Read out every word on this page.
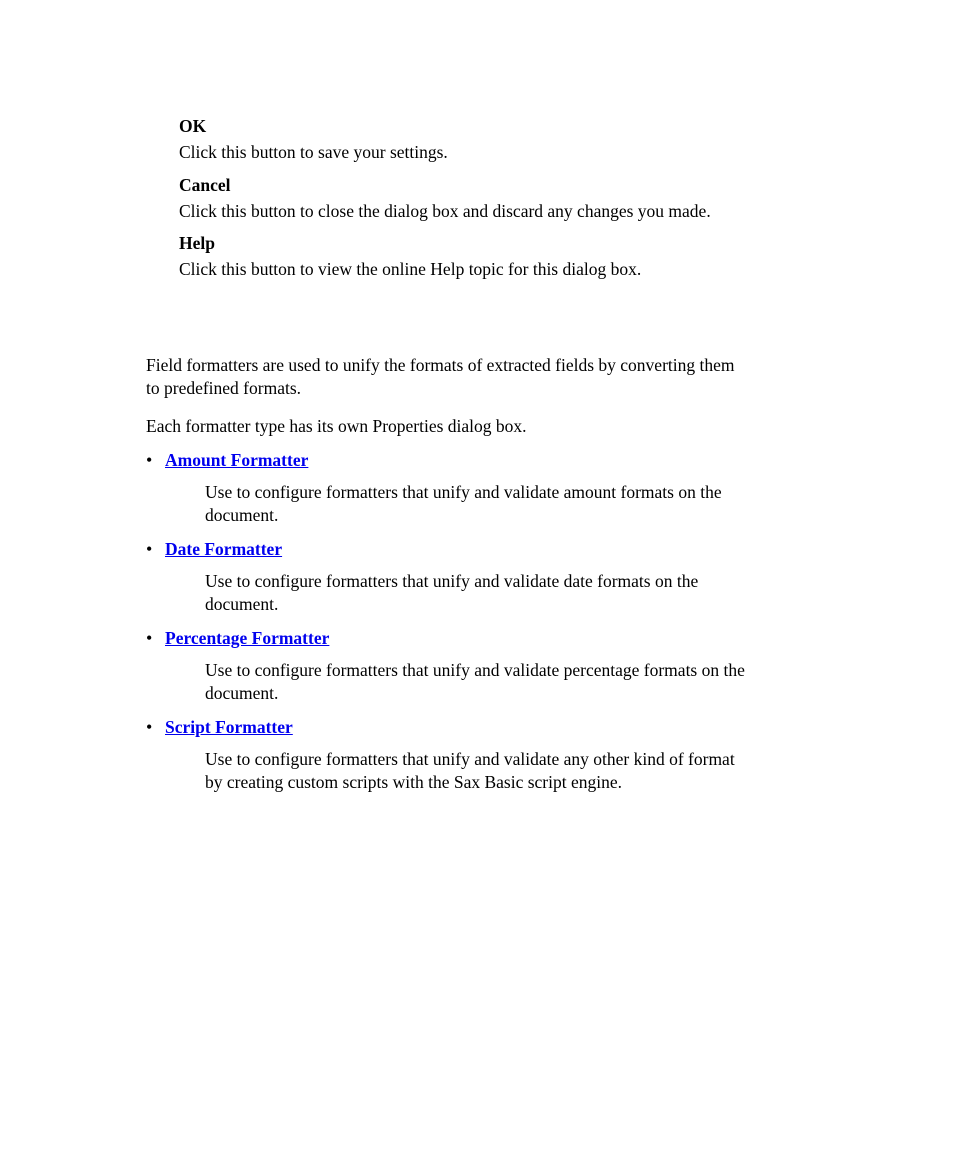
OK
Click this button to save your settings.
Cancel
Click this button to close the dialog box and discard any changes you made.
Help
Click this button to view the online Help topic for this dialog box.
Field formatters are used to unify the formats of extracted fields by converting them
to predefined formats.
Each formatter type has its own Properties dialog box.
• Amount Formatter
Use to configure formatters that unify and validate amount formats on the
document.
• Date Formatter
Use to configure formatters that unify and validate date formats on the
document.
• Percentage Formatter
Use to configure formatters that unify and validate percentage formats on the
document.
• Script Formatter
Use to configure formatters that unify and validate any other kind of format
by creating custom scripts with the Sax Basic script engine.
